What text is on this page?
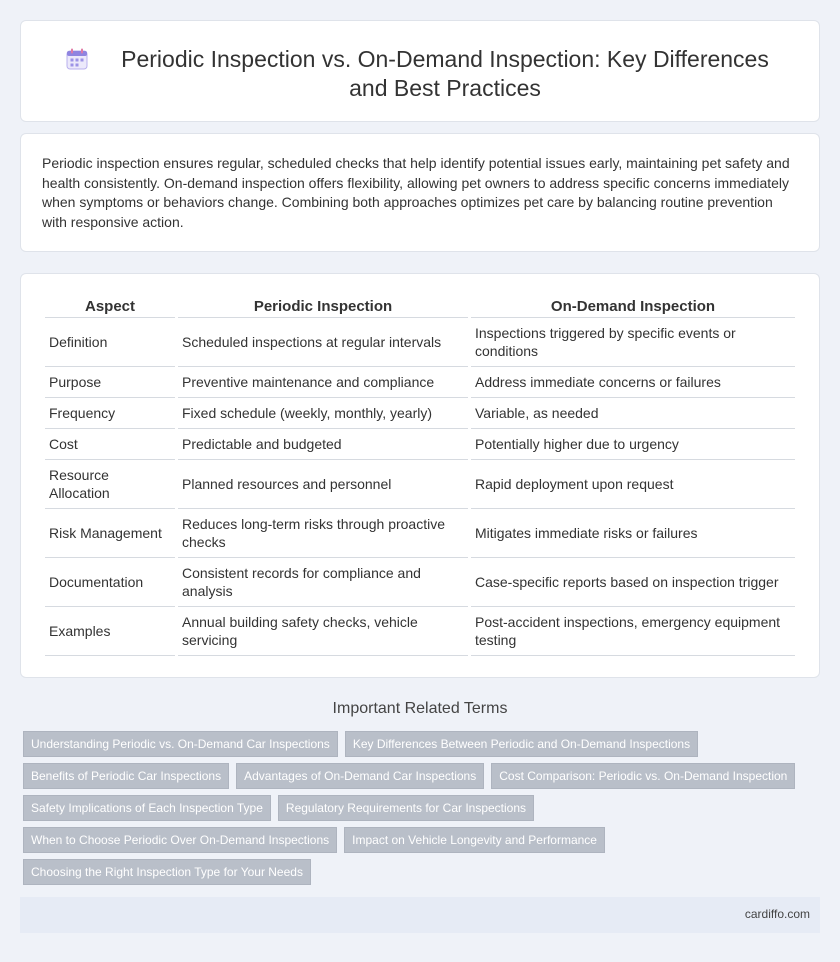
Periodic Inspection vs. On-Demand Inspection: Key Differences and Best Practices

Periodic inspection ensures regular, scheduled checks that help identify potential issues early, maintaining pet safety and health consistently. On-demand inspection offers flexibility, allowing pet owners to address specific concerns immediately when symptoms or behaviors change. Combining both approaches optimizes pet care by balancing routine prevention with responsive action.

Aspect	Periodic Inspection	On-Demand Inspection
Definition	Scheduled inspections at regular intervals	Inspections triggered by specific events or conditions
Purpose	Preventive maintenance and compliance	Address immediate concerns or failures
Frequency	Fixed schedule (weekly, monthly, yearly)	Variable, as needed
Cost	Predictable and budgeted	Potentially higher due to urgency
Resource Allocation	Planned resources and personnel	Rapid deployment upon request
Risk Management	Reduces long-term risks through proactive checks	Mitigates immediate risks or failures
Documentation	Consistent records for compliance and analysis	Case-specific reports based on inspection trigger
Examples	Annual building safety checks, vehicle servicing	Post-accident inspections, emergency equipment testing
Important Related Terms
Understanding Periodic vs. On-Demand Car Inspections Key Differences Between Periodic and On-Demand Inspections
Benefits of Periodic Car Inspections Advantages of On-Demand Car Inspections Cost Comparison: Periodic vs. On-Demand Inspection
Safety Implications of Each Inspection Type Regulatory Requirements for Car Inspections
When to Choose Periodic Over On-Demand Inspections Impact on Vehicle Longevity and Performance
Choosing the Right Inspection Type for Your Needs
cardiffo.com
